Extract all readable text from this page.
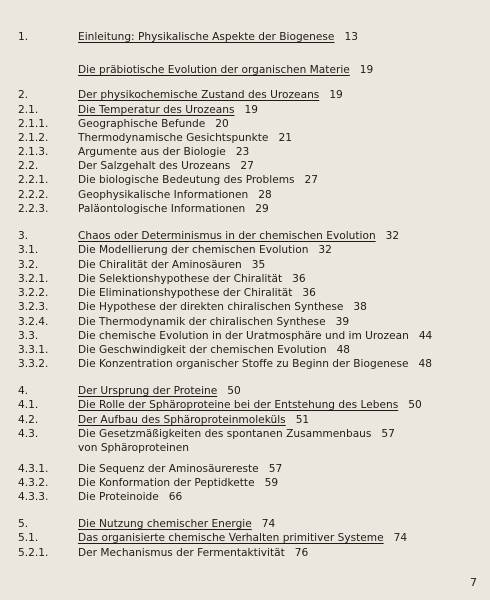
1.	Einleitung: Physikalische Aspekte der Biogenese 13
Die präbiotische Evolution der organischen Materie 19
2.	Der physikochemische Zustand des Urozeans 19
2.1.	Die Temperatur des Urozeans 19
2.1.1.	Geographische Befunde 20
2.1.2.	Thermodynamische Gesichtspunkte 21
2.1.3.	Argumente aus der Biologie 23
2.2.	Der Salzgehalt des Urozeans 27
2.2.1.	Die biologische Bedeutung des Problems 27
2.2.2.	Geophysikalische Informationen 28
2.2.3.	Paläontologische Informationen 29
3.	Chaos oder Determinismus in der chemischen Evolution 32
3.1.	Die Modellierung der chemischen Evolution 32
3.2.	Die Chiralität der Aminosäuren 35
3.2.1.	Die Selektionshypothese der Chiralität 36
3.2.2.	Die Eliminationshypothese der Chiralität 36
3.2.3.	Die Hypothese der direkten chiralischen Synthese 38
3.2.4.	Die Thermodynamik der chiralischen Synthese 39
3.3.	Die chemische Evolution in der Uratmosphäre und im Urozean 44
3.3.1.	Die Geschwindigkeit der chemischen Evolution 48
3.3.2.	Die Konzentration organischer Stoffe zu Beginn der Biogenese 48
4.	Der Ursprung der Proteine 50
4.1.	Die Rolle der Sphäroproteine bei der Entstehung des Lebens 50
4.2.	Der Aufbau des Sphäroproteinmoleküls 51
4.3.	Die Gesetzmäßigkeiten des spontanen Zusammenbaus 57
von Sphäroproteinen
4.3.1.	Die Sequenz der Aminosäurereste 57
4.3.2.	Die Konformation der Peptidkette 59
4.3.3.	Die Proteinoide 66
5.	Die Nutzung chemischer Energie 74
5.1.	Das organisierte chemische Verhalten primitiver Systeme 74
5.2.1.	Der Mechanismus der Fermentaktivität 76
7
